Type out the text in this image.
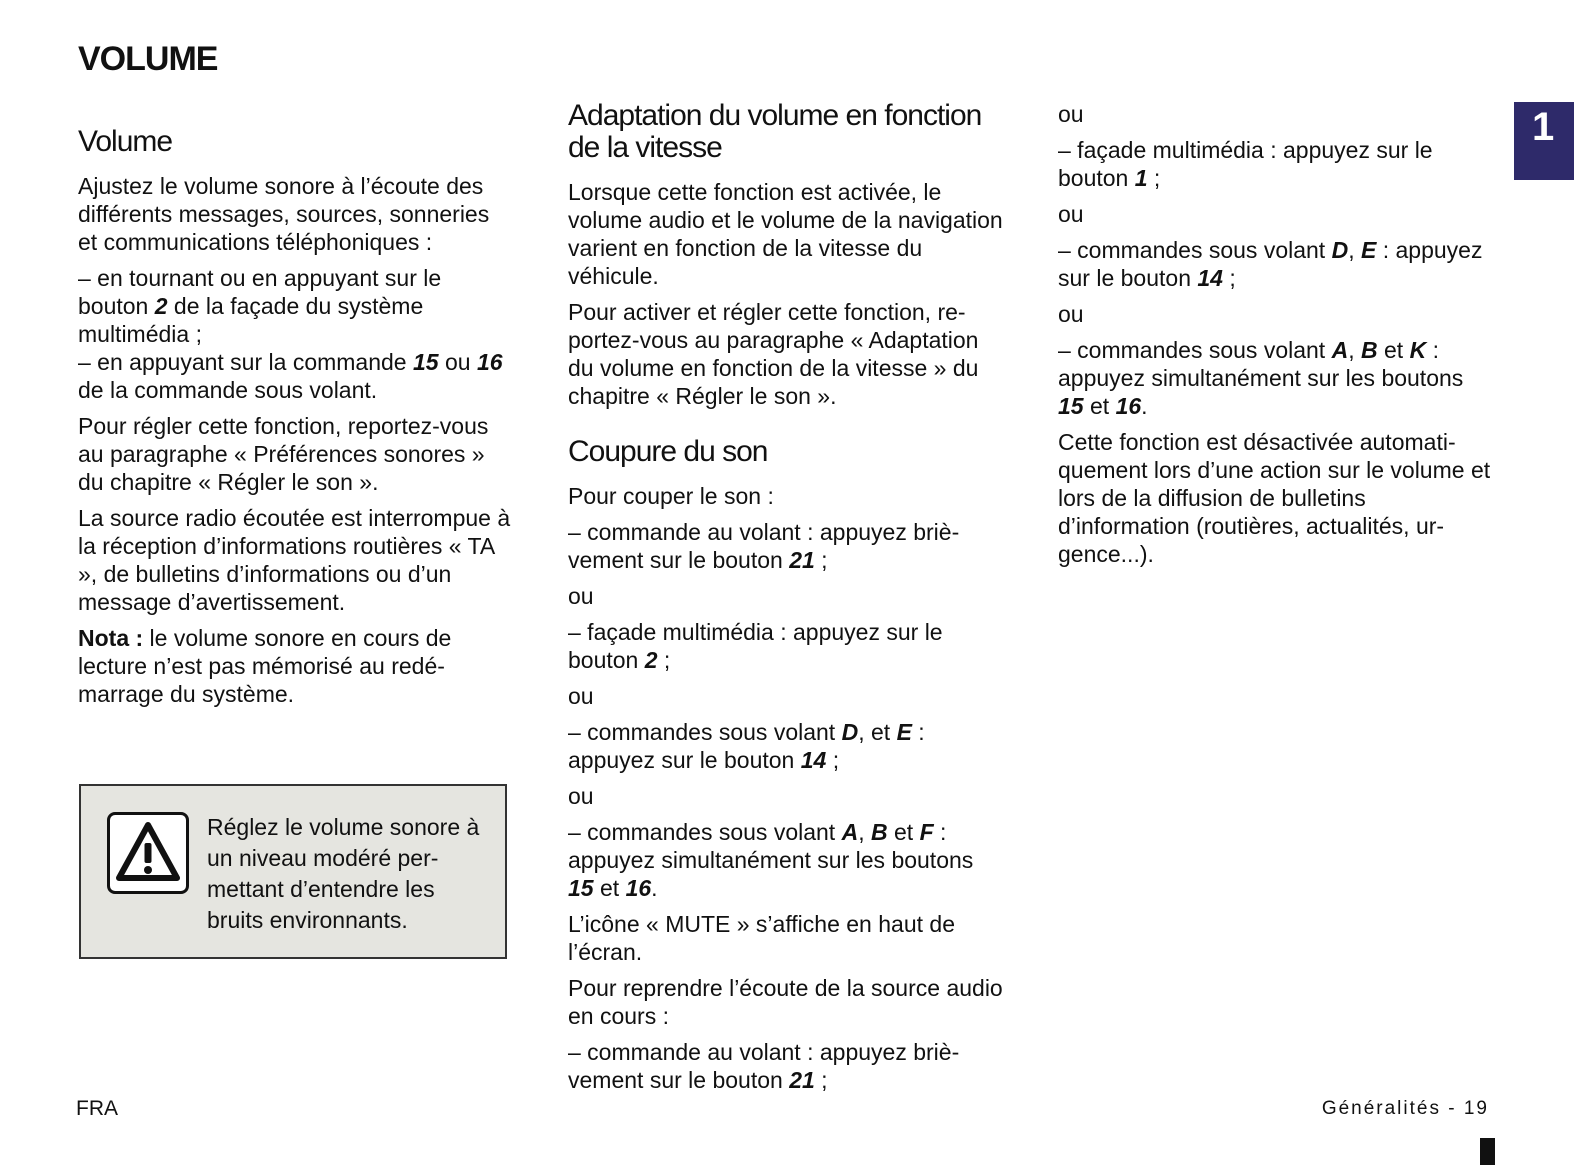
VOLUME
1
Volume
Ajustez le volume sonore à l’écoute des différents messages, sources, sonneries et communications téléphoniques :
– en tournant ou en appuyant sur le bouton 2 de la façade du système multimédia ;
– en appuyant sur la commande 15 ou 16 de la commande sous volant.
Pour régler cette fonction, reportez-vous au paragraphe « Préférences sonores » du chapitre « Régler le son ».
La source radio écoutée est interrompue à la réception d’informations routières « TA », de bulletins d’informations ou d’un message d’avertissement.
Nota : le volume sonore en cours de lecture n’est pas mémorisé au redémarrage du système.
Réglez le volume sonore à un niveau modéré permettant d’entendre les bruits environnants.
Adaptation du volume en fonction de la vitesse
Lorsque cette fonction est activée, le volume audio et le volume de la navigation varient en fonction de la vitesse du véhicule.
Pour activer et régler cette fonction, reportez-vous au paragraphe « Adaptation du volume en fonction de la vitesse » du chapitre « Régler le son ».
Coupure du son
Pour couper le son :
– commande au volant : appuyez brièvement sur le bouton 21 ;
ou
– façade multimédia : appuyez sur le bouton 2 ;
ou
– commandes sous volant D, et E : appuyez sur le bouton 14 ;
ou
– commandes sous volant A, B et F : appuyez simultanément sur les boutons 15 et 16.
L’icône « MUTE » s’affiche en haut de l’écran.
Pour reprendre l’écoute de la source audio en cours :
– commande au volant : appuyez brièvement sur le bouton 21 ;
ou
– façade multimédia : appuyez sur le bouton 1 ;
ou
– commandes sous volant D, E : appuyez sur le bouton 14 ;
ou
– commandes sous volant A, B et K : appuyez simultanément sur les boutons 15 et 16.
Cette fonction est désactivée automatiquement lors d’une action sur le volume et lors de la diffusion de bulletins d’information (routières, actualités, urgence...).
FRA	Généralités - 19
